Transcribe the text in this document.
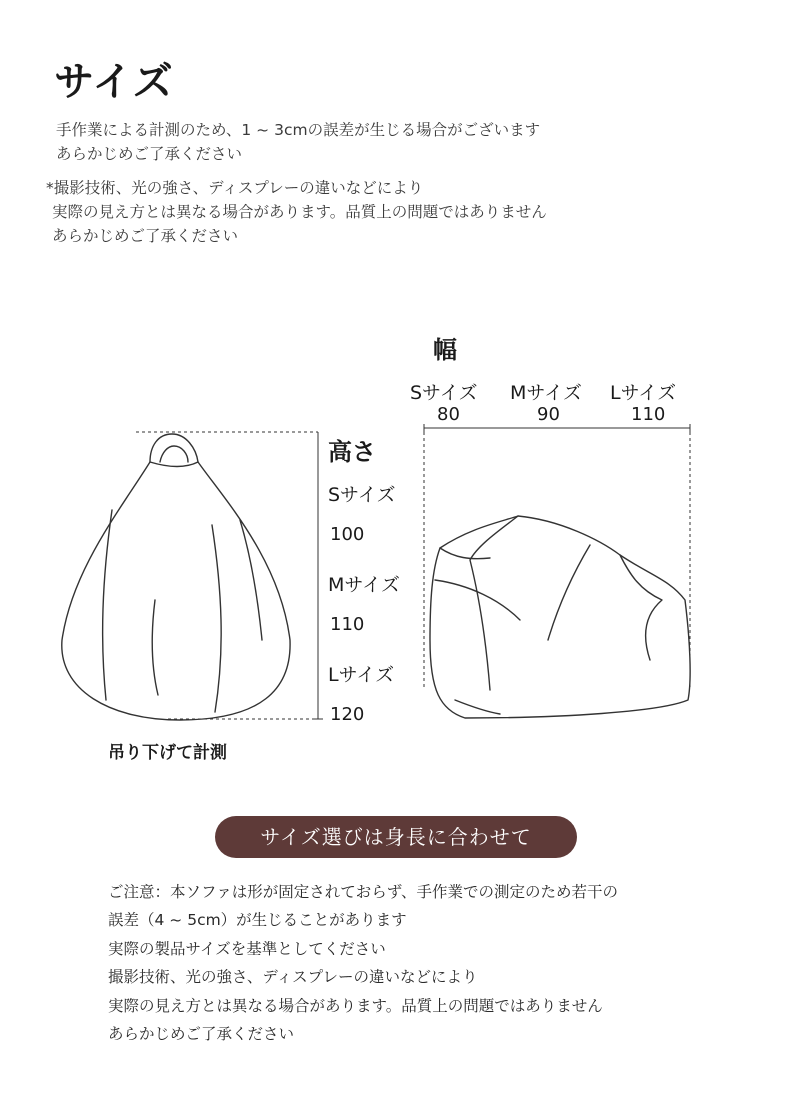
サイズ
手作業による計測のため、1 ~ 3cmの誤差が生じる場合がございます
あらかじめご了承ください
*撮影技術、光の強さ、ディスプレーの違いなどにより
実際の見え方とは異なる場合があります。品質上の問題ではありません
あらかじめご了承ください
高さ
Sサイズ
100
Mサイズ
110
Lサイズ
120
吊り下げて計測
幅
Sサイズ
80
Mサイズ
90
Lサイズ
110
サイズ選びは身長に合わせて
ご注意：本ソファは形が固定されておらず、手作業での測定のため若干の
誤差（4 ~ 5cm）が生じることがあります
実際の製品サイズを基準としてください
撮影技術、光の強さ、ディスプレーの違いなどにより
実際の見え方とは異なる場合があります。品質上の問題ではありません
あらかじめご了承ください
